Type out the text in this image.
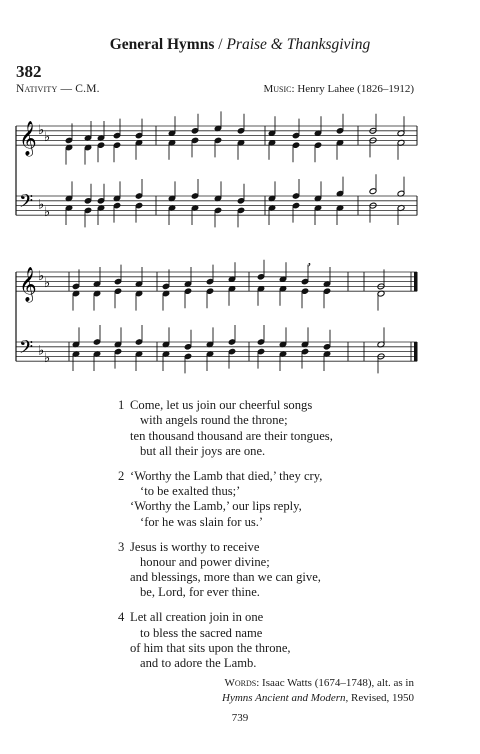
General Hymns / Praise & Thanksgiving
382
Nativity — C.M.	Music: Henry Lahee (1826–1912)
𝄞
𝄢
♭ ♭
♭ ♭
𝄞
𝄢
♭ ♭
♭ ♭
’
1 Come, let us join our cheerful songs
with angels round the throne;
ten thousand thousand are their tongues,
but all their joys are one.
2 ‘Worthy the Lamb that died,’ they cry,
‘to be exalted thus;’
‘Worthy the Lamb,’ our lips reply,
‘for he was slain for us.’
3 Jesus is worthy to receive
honour and power divine;
and blessings, more than we can give,
be, Lord, for ever thine.
4 Let all creation join in one
to bless the sacred name
of him that sits upon the throne,
and to adore the Lamb.
Words: Isaac Watts (1674–1748), alt. as in
Hymns Ancient and Modern, Revised, 1950
739
